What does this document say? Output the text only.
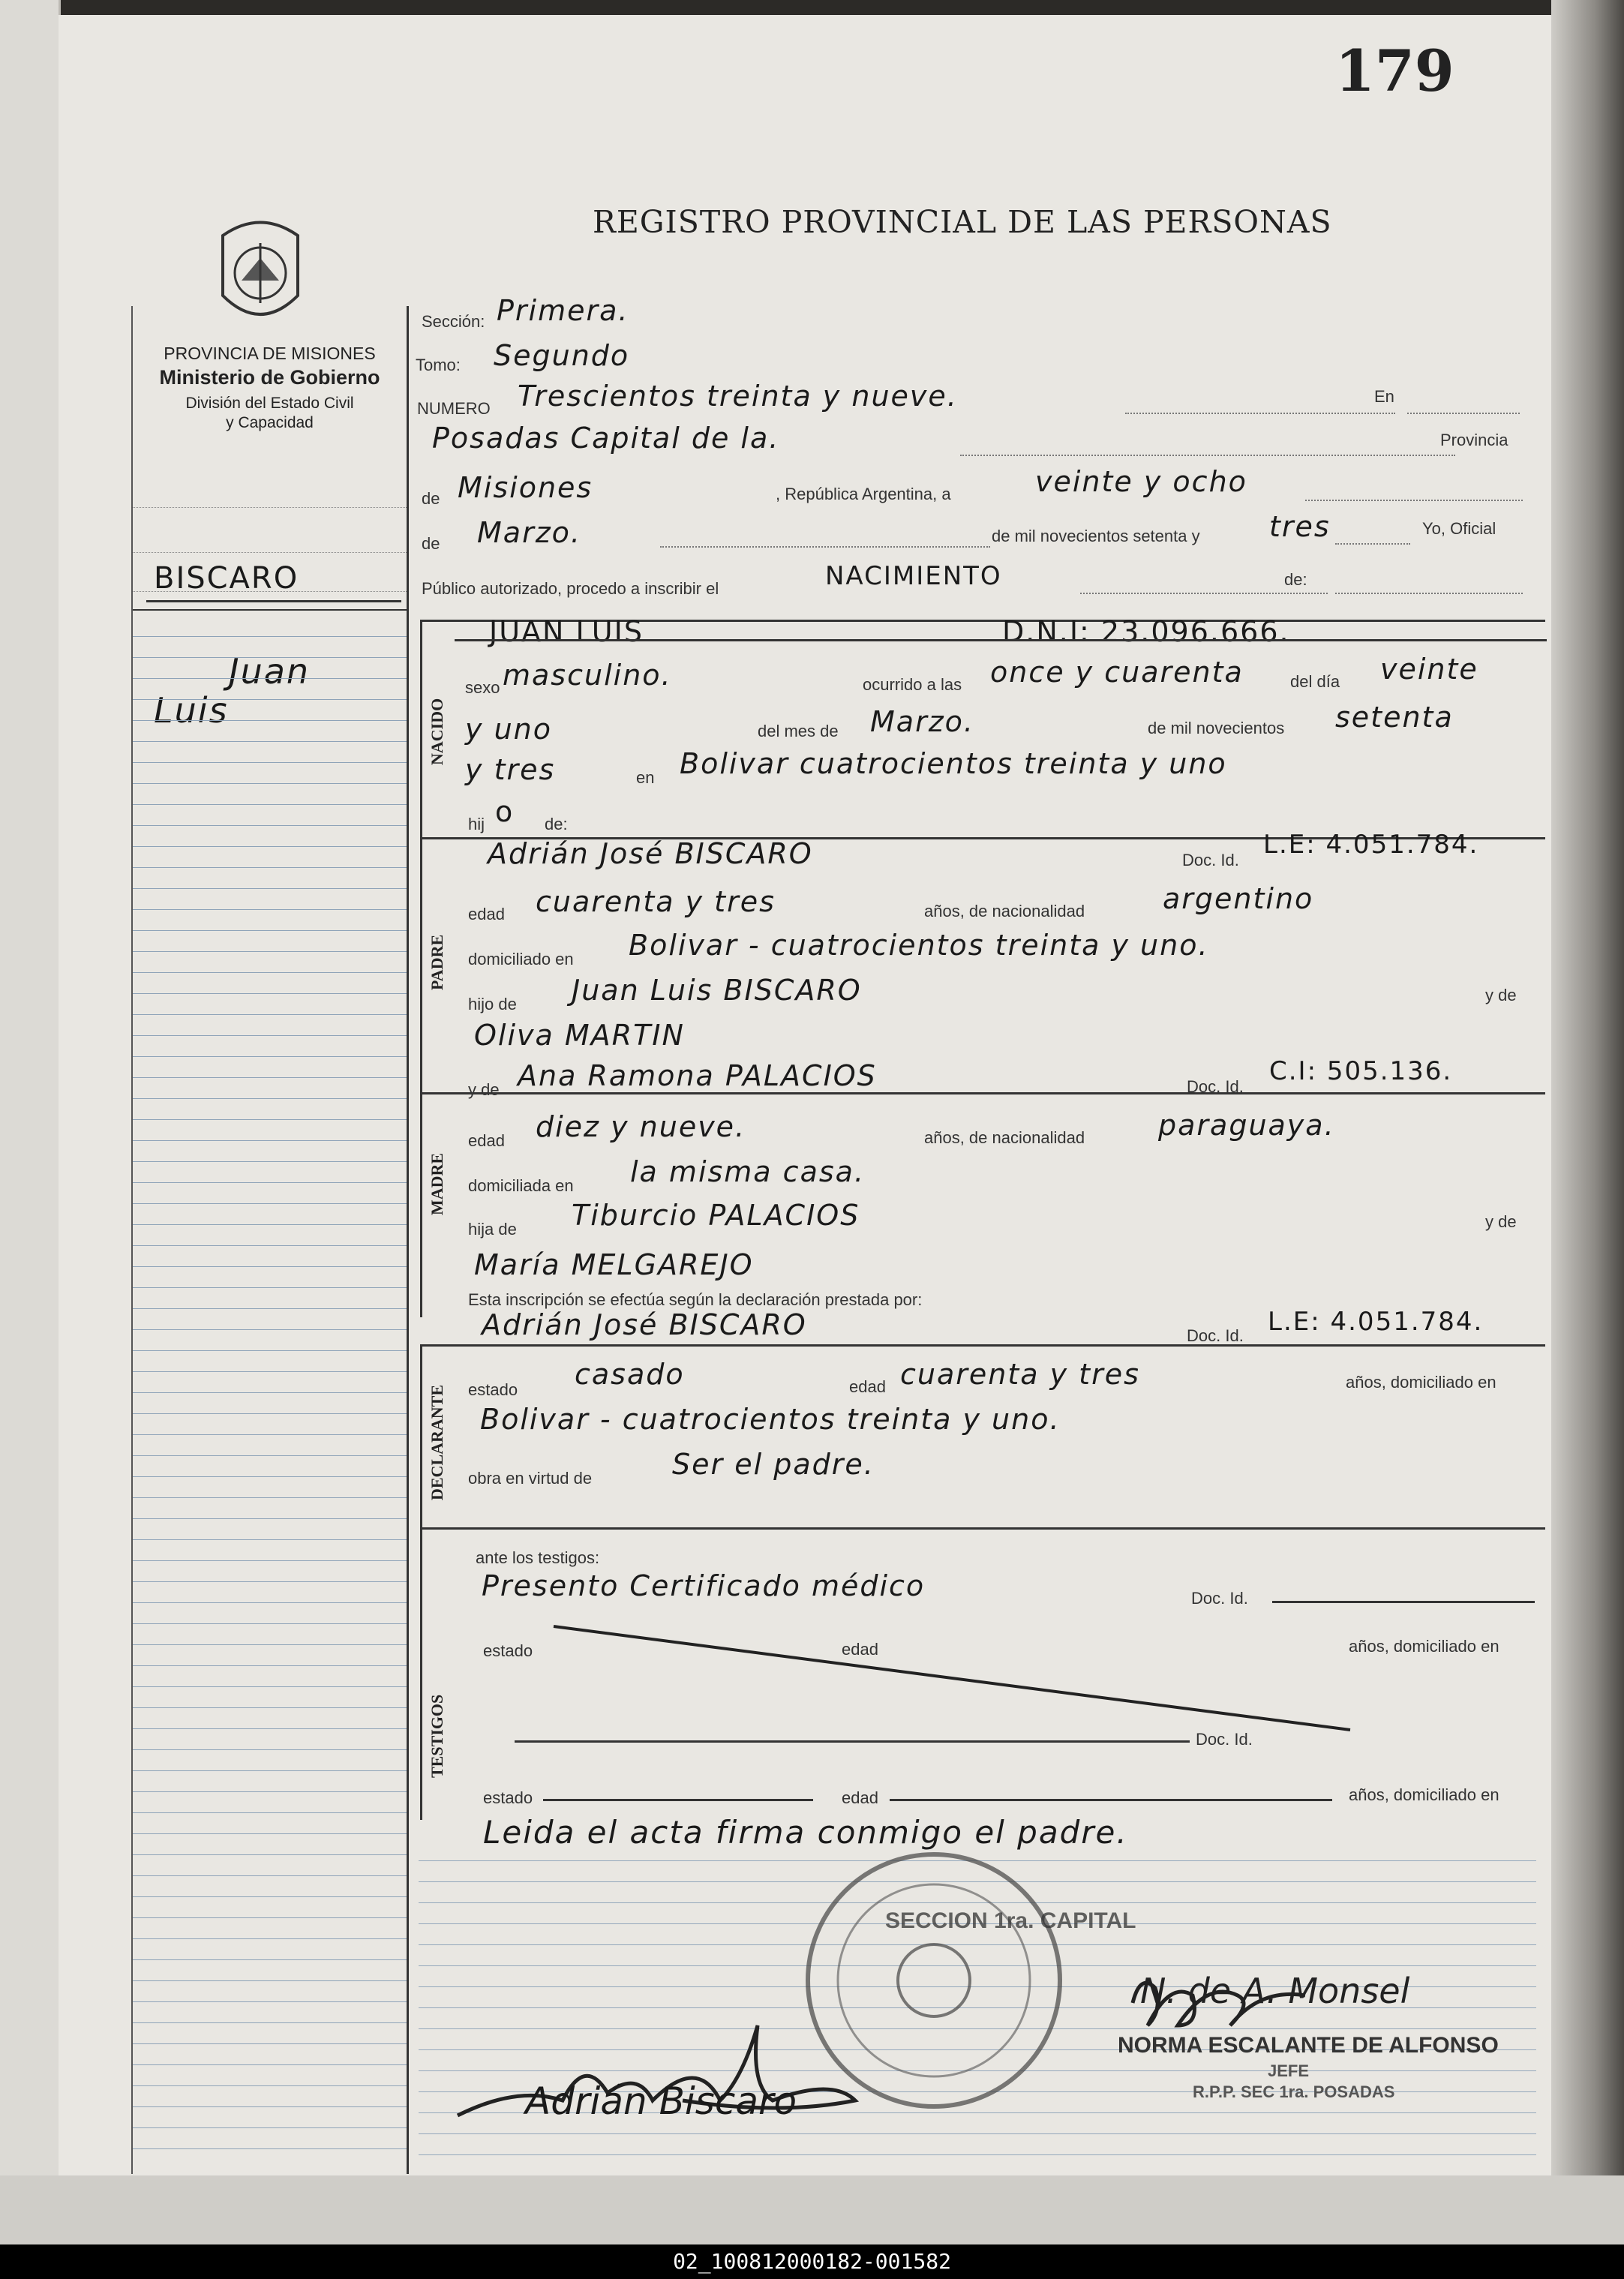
179
REGISTRO PROVINCIAL DE LAS PERSONAS
PROVINCIA DE MISIONES
Ministerio de Gobierno
División del Estado Civil
y Capacidad
BISCARO
Juan
Luis
Sección: Primera.
Tomo: Segundo
NUMERO Trescientos treinta y nueve.	En
Posadas Capital de la.	Provincia
de Misiones	, República Argentina, a	veinte y ocho
de Marzo.	de mil novecientos setenta y tres	Yo, Oficial
Público autorizado, procedo a inscribir el	NACIMIENTO	de:
JUAN LUIS	D.N.I: 23.096.666.
NACIDO
sexo masculino.	ocurrido a las once y cuarenta	del día veinte
y uno	del mes de Marzo.	de mil novecientos setenta
y tres	en Bolivar cuatrocientos treinta y uno
hij o de:
PADRE
Adrián José BISCARO	Doc. Id.
L.E: 4.051.784.
edad cuarenta y tres	años, de nacionalidad	argentino
domiciliado en Bolivar - cuatrocientos treinta y uno.
hijo de Juan Luis BISCARO	y de
Oliva MARTIN
y de Ana Ramona PALACIOS	Doc. Id.
C.I: 505.136.
MADRE
edad diez y nueve.	años, de nacionalidad	paraguaya.
domiciliada en la misma casa.
hija de Tiburcio PALACIOS	y de
María MELGAREJO
Esta inscripción se efectúa según la declaración prestada por:
Adrián José BISCARO	Doc. Id. L.E: 4.051.784.
DECLARANTE estado casado	edad cuarenta y tres	años, domiciliado en
Bolivar - cuatrocientos treinta y uno.
obra en virtud de	Ser el padre.
TESTIGOS
ante los testigos:
Presento Certificado médico	Doc. Id.
estado	edad	años, domiciliado en
Doc. Id.
estado	edad	años, domiciliado en
Leida el acta firma conmigo el padre.
SECCION 1ra. CAPITAL
N. de A. Monsel
NORMA ESCALANTE DE ALFONSO
JEFE
R.P.P. SEC 1ra. POSADAS
Adrián Biscaro
02_100812000182-001582
